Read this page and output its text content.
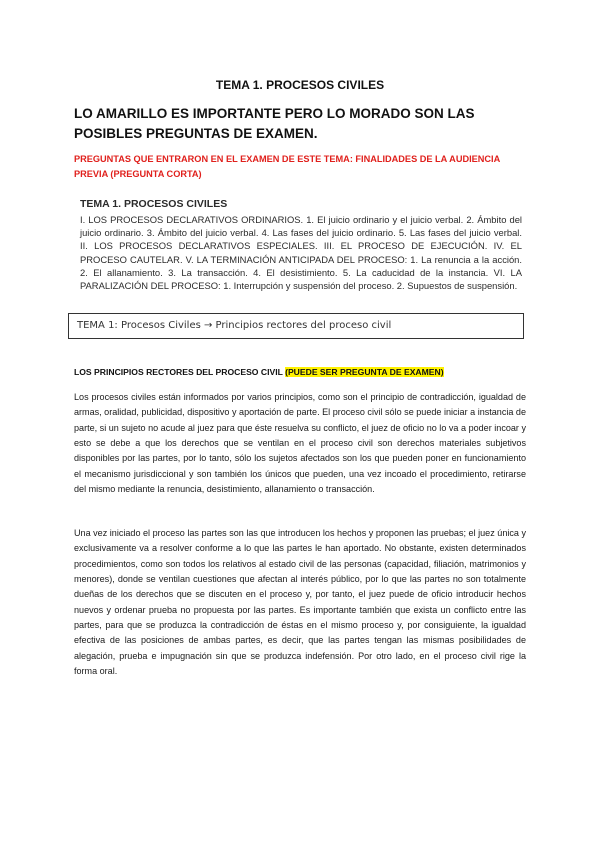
TEMA 1. PROCESOS CIVILES
LO AMARILLO ES IMPORTANTE PERO LO MORADO SON LAS POSIBLES PREGUNTAS DE EXAMEN.
PREGUNTAS QUE ENTRARON EN EL EXAMEN DE ESTE TEMA: FINALIDADES DE LA AUDIENCIA PREVIA (PREGUNTA CORTA)
TEMA 1. PROCESOS CIVILES
I. LOS PROCESOS DECLARATIVOS ORDINARIOS. 1. El juicio ordinario y el juicio verbal. 2. Ámbito del juicio ordinario. 3. Ámbito del juicio verbal. 4. Las fases del juicio ordinario. 5. Las fases del juicio verbal. II. LOS PROCESOS DECLARATIVOS ESPECIALES. III. EL PROCESO DE EJECUCIÓN. IV. EL PROCESO CAUTELAR. V. LA TERMINACIÓN ANTICIPADA DEL PROCESO: 1. La renuncia a la acción. 2. El allanamiento. 3. La transacción. 4. El desistimiento. 5. La caducidad de la instancia. VI. LA PARALIZACIÓN DEL PROCESO: 1. Interrupción y suspensión del proceso. 2. Supuestos de suspensión.
TEMA 1: Procesos Civiles → Principios rectores del proceso civil
LOS PRINCIPIOS RECTORES DEL PROCESO CIVIL (PUEDE SER PREGUNTA DE EXAMEN)
Los procesos civiles están informados por varios principios, como son el principio de contradicción, igualdad de armas, oralidad, publicidad, dispositivo y aportación de parte. El proceso civil sólo se puede iniciar a instancia de parte, si un sujeto no acude al juez para que éste resuelva su conflicto, el juez de oficio no lo va a poder incoar y esto se debe a que los derechos que se ventilan en el proceso civil son derechos materiales subjetivos disponibles por las partes, por lo tanto, sólo los sujetos afectados son los que pueden poner en funcionamiento el mecanismo jurisdiccional y son también los únicos que pueden, una vez incoado el procedimiento, retirarse del mismo mediante la renuncia, desistimiento, allanamiento o transacción.
Una vez iniciado el proceso las partes son las que introducen los hechos y proponen las pruebas; el juez única y exclusivamente va a resolver conforme a lo que las partes le han aportado. No obstante, existen determinados procedimientos, como son todos los relativos al estado civil de las personas (capacidad, filiación, matrimonios y menores), donde se ventilan cuestiones que afectan al interés público, por lo que las partes no son totalmente dueñas de los derechos que se discuten en el proceso y, por tanto, el juez puede de oficio introducir hechos nuevos y ordenar prueba no propuesta por las partes. Es importante también que exista un conflicto entre las partes, para que se produzca la contradicción de éstas en el mismo proceso y, por consiguiente, la igualdad efectiva de las posiciones de ambas partes, es decir, que las partes tengan las mismas posibilidades de alegación, prueba e impugnación sin que se produzca indefensión. Por otro lado, en el proceso civil rige la forma oral.
